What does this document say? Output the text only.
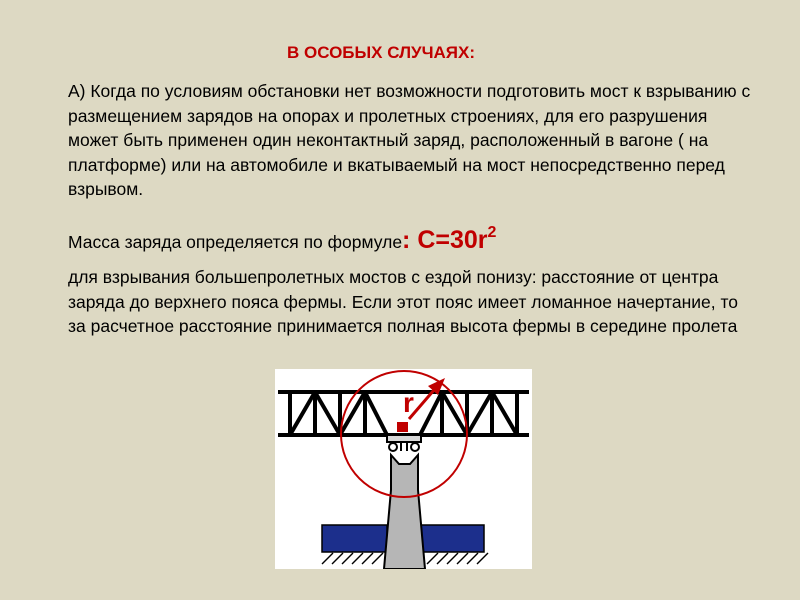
В ОСОБЫХ СЛУЧАЯХ:

А) Когда по условиям обстановки нет возможности подготовить мост к взрыванию с размещением зарядов на опорах и пролетных строениях, для его разрушения может быть применен один неконтактный заряд, расположенный в вагоне ( на платформе) или на автомобиле и вкатываемый на мост непосредственно перед взрывом.

Масса заряда определяется по формуле: $С=30r^2$

для взрывания большепролетных мостов с ездой понизу: расстояние от центра заряда до верхнего пояса фермы. Если этот пояс имеет ломанное начертание, то за расчетное расстояние принимается полная высота фермы в середине пролета

r
